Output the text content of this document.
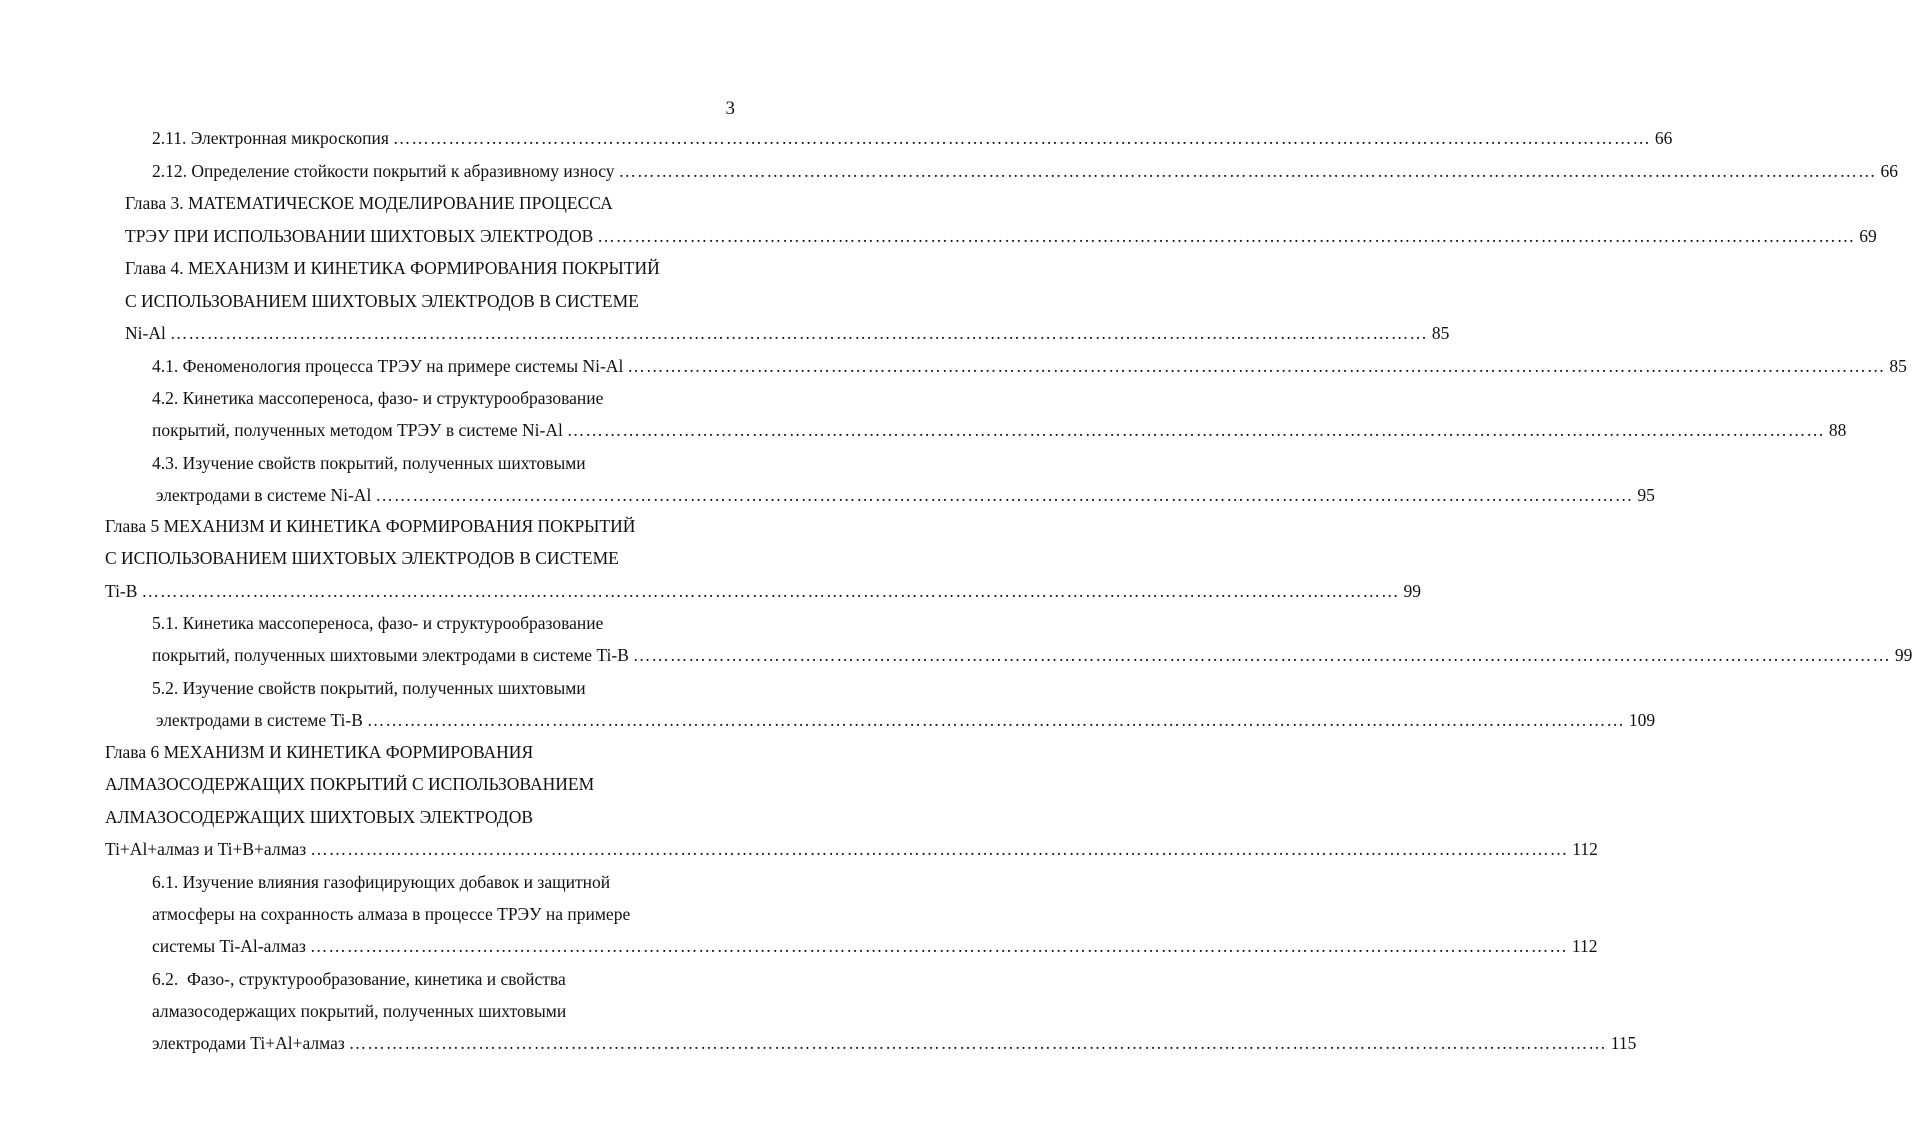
3
2.11. Электронная микроскопия …………………………………………………………………………………………………………………………………………………………………………………… 66
2.12. Определение стойкости покрытий к абразивному износу …………………………………………………………………………………………………………………………………………………………………………………… 66
Глава 3. МАТЕМАТИЧЕСКОЕ МОДЕЛИРОВАНИЕ ПРОЦЕССА
ТРЭУ ПРИ ИСПОЛЬЗОВАНИИ ШИХТОВЫХ ЭЛЕКТРОДОВ …………………………………………………………………………………………………………………………………………………………………………………… 69
Глава 4. МЕХАНИЗМ И КИНЕТИКА ФОРМИРОВАНИЯ ПОКРЫТИЙ
С ИСПОЛЬЗОВАНИЕМ ШИХТОВЫХ ЭЛЕКТРОДОВ В СИСТЕМЕ
Ni-Al …………………………………………………………………………………………………………………………………………………………………………………… 85
4.1. Феноменология процесса ТРЭУ на примере системы Ni-Al …………………………………………………………………………………………………………………………………………………………………………………… 85
4.2. Кинетика массопереноса, фазо- и структурообразование
покрытий, полученных методом ТРЭУ в системе Ni-Al …………………………………………………………………………………………………………………………………………………………………………………… 88
4.3. Изучение свойств покрытий, полученных шихтовыми
электродами в системе Ni-Al …………………………………………………………………………………………………………………………………………………………………………………… 95
Глава 5 МЕХАНИЗМ И КИНЕТИКА ФОРМИРОВАНИЯ ПОКРЫТИЙ
С ИСПОЛЬЗОВАНИЕМ ШИХТОВЫХ ЭЛЕКТРОДОВ В СИСТЕМЕ
Ti-B …………………………………………………………………………………………………………………………………………………………………………………… 99
5.1. Кинетика массопереноса, фазо- и структурообразование
покрытий, полученных шихтовыми электродами в системе Ti-B …………………………………………………………………………………………………………………………………………………………………………………… 99
5.2. Изучение свойств покрытий, полученных шихтовыми
электродами в системе Ti-B …………………………………………………………………………………………………………………………………………………………………………………… 109
Глава 6 МЕХАНИЗМ И КИНЕТИКА ФОРМИРОВАНИЯ
АЛМАЗОСОДЕРЖАЩИХ ПОКРЫТИЙ С ИСПОЛЬЗОВАНИЕМ
АЛМАЗОСОДЕРЖАЩИХ ШИХТОВЫХ ЭЛЕКТРОДОВ
Ti+Al+алмаз и Ti+B+алмаз …………………………………………………………………………………………………………………………………………………………………………………… 112
6.1. Изучение влияния газофицирующих добавок и защитной
атмосферы на сохранность алмаза в процессе ТРЭУ на примере
системы Ti-Al-алмаз …………………………………………………………………………………………………………………………………………………………………………………… 112
6.2.  Фазо-, структурообразование, кинетика и свойства
алмазосодержащих покрытий, полученных шихтовыми
электродами Ti+Al+алмаз …………………………………………………………………………………………………………………………………………………………………………………… 115
